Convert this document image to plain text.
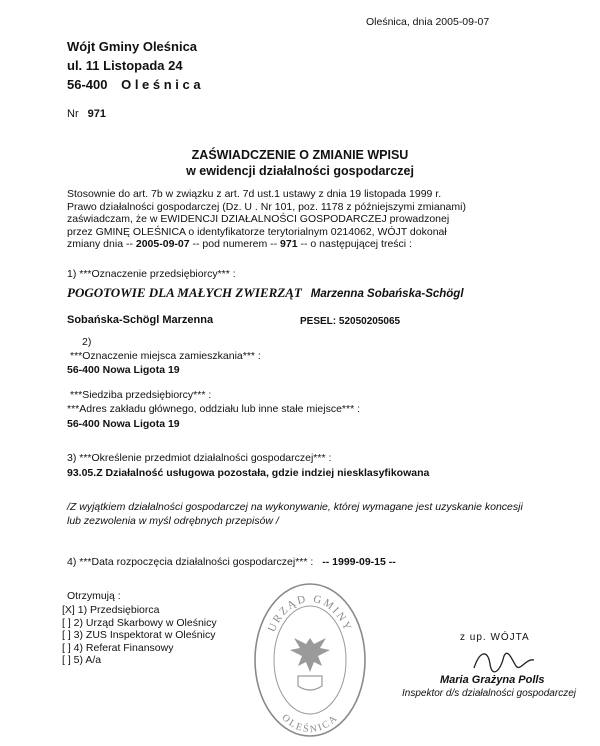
Oleśnica, dnia 2005-09-07
Wójt Gminy Oleśnica
ul. 11 Listopada 24
56-400 O l e ś n i c a
Nr 971
ZAŚWIADCZENIE O ZMIANIE WPISU
w ewidencji działalności gospodarczej
Stosownie do art. 7b w związku z art. 7d ust.1 ustawy z dnia 19 listopada 1999 r.
Prawo działalności gospodarczej (Dz. U . Nr 101, poz. 1178 z późniejszymi zmianami)
zaświadczam, że w EWIDENCJI DZIAŁALNOŚCI GOSPODARCZEJ prowadzonej
przez GMINĘ OLEŚNICA o identyfikatorze terytorialnym 0214062, WÓJT dokonał
zmiany dnia -- 2005-09-07 -- pod numerem -- 971 -- o następującej treści :
1) ***Oznaczenie przedsiębiorcy*** :
POGOTOWIE DLA MAŁYCH ZWIERZĄT Marzenna Sobańska-Schögl
Sobańska-Schögl Marzenna	PESEL: 52050205065
2)
***Oznaczenie miejsca zamieszkania*** :
56-400 Nowa Ligota 19
***Siedziba przedsiębiorcy*** :
***Adres zakładu głównego, oddziału lub inne stałe miejsce*** :
56-400 Nowa Ligota 19
3) ***Określenie przedmiot działalności gospodarczej*** :
93.05.Z Działalność usługowa pozostała, gdzie indziej niesklasyfikowana
/Z wyjątkiem działalności gospodarczej na wykonywanie, której wymagane jest uzyskanie koncesji
lub zezwolenia w myśl odrębnych przepisów /
4) ***Data rozpoczęcia działalności gospodarczej*** : -- 1999-09-15 --
Otrzymują :
[X] 1) Przedsiębiorca
[ ] 2) Urząd Skarbowy w Oleśnicy
[ ] 3) ZUS Inspektorat w Oleśnicy
[ ] 4) Referat Finansowy
[ ] 5) A/a
URZĄD GMINY
OLEŚNICA
z up. WÓJTA
Maria Grażyna Polls
Inspektor d/s działalności gospodarczej
